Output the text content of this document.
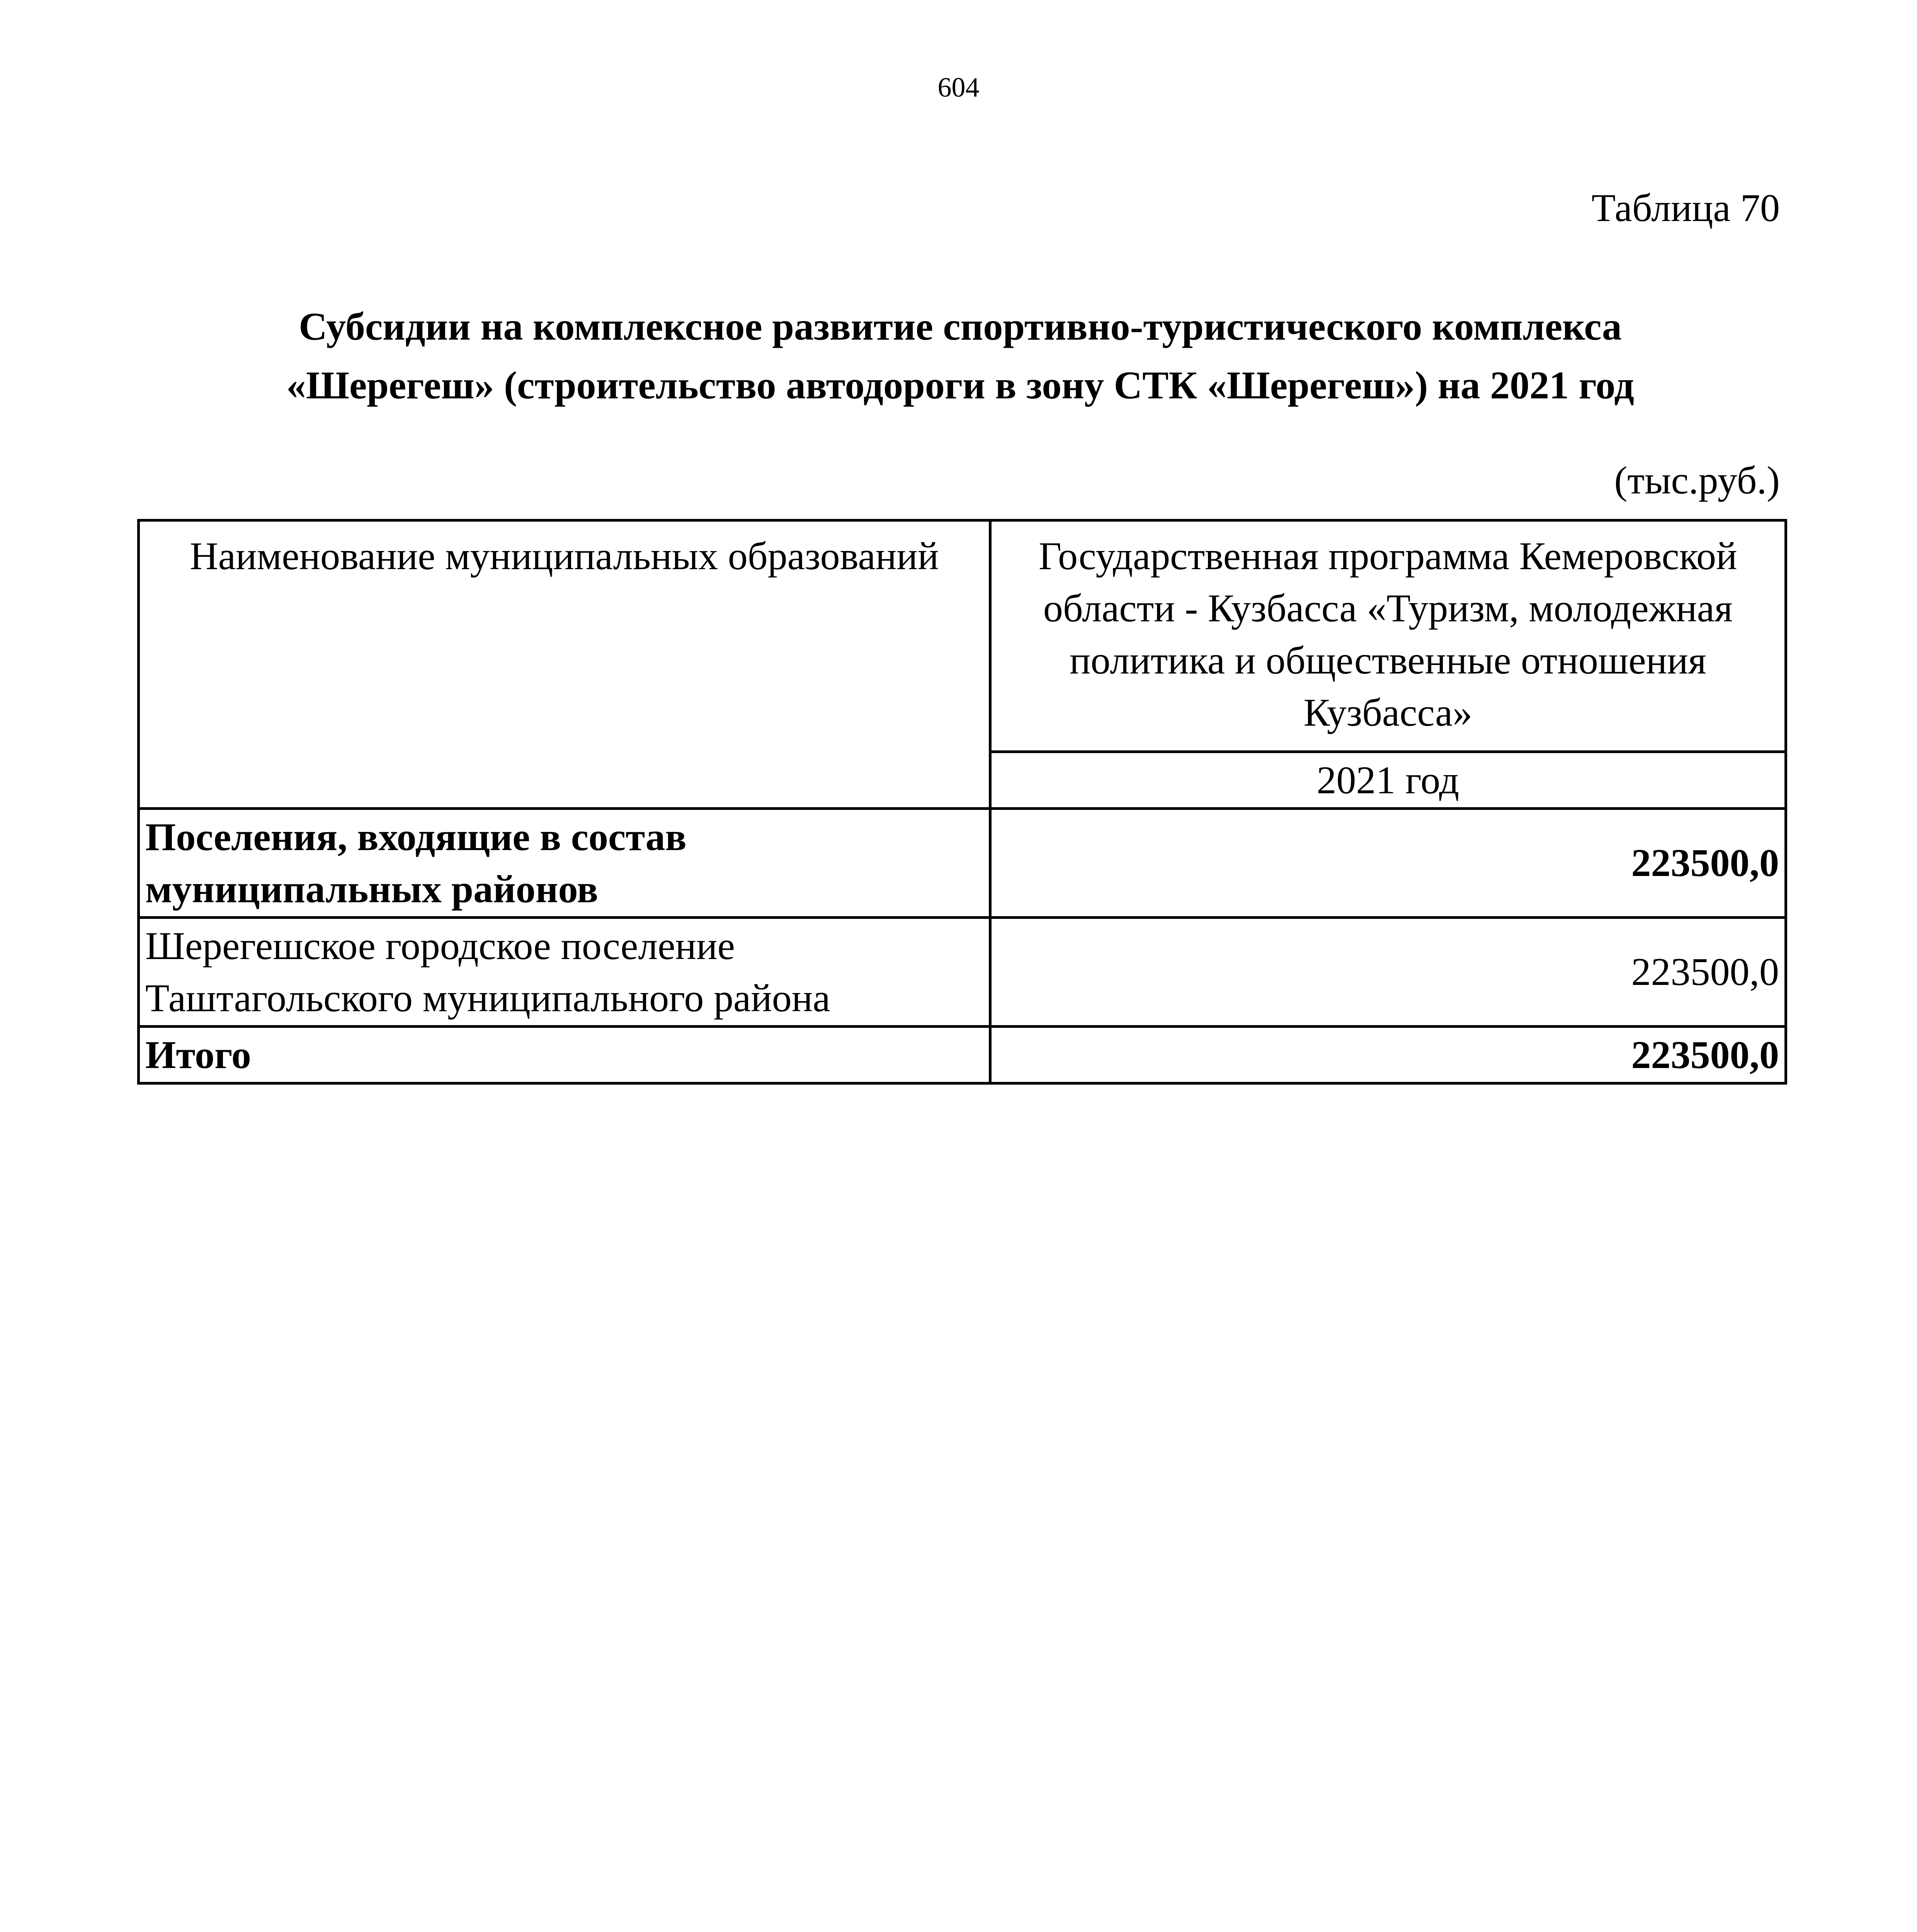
604
Таблица 70
Субсидии на комплексное развитие спортивно-туристического комплекса
«Шерегеш» (строительство автодороги в зону СТК «Шерегеш») на 2021 год
(тыс.руб.)
Наименование муниципальных образований	Государственная программа Кемеровской области - Кузбасса «Туризм, молодежная политика и общественные отношения Кузбасса»
	2021 год
Поселения, входящие в состав муниципальных районов	223500,0
Шерегешское городское поселение Таштагольского муниципального района	223500,0
Итого	223500,0
